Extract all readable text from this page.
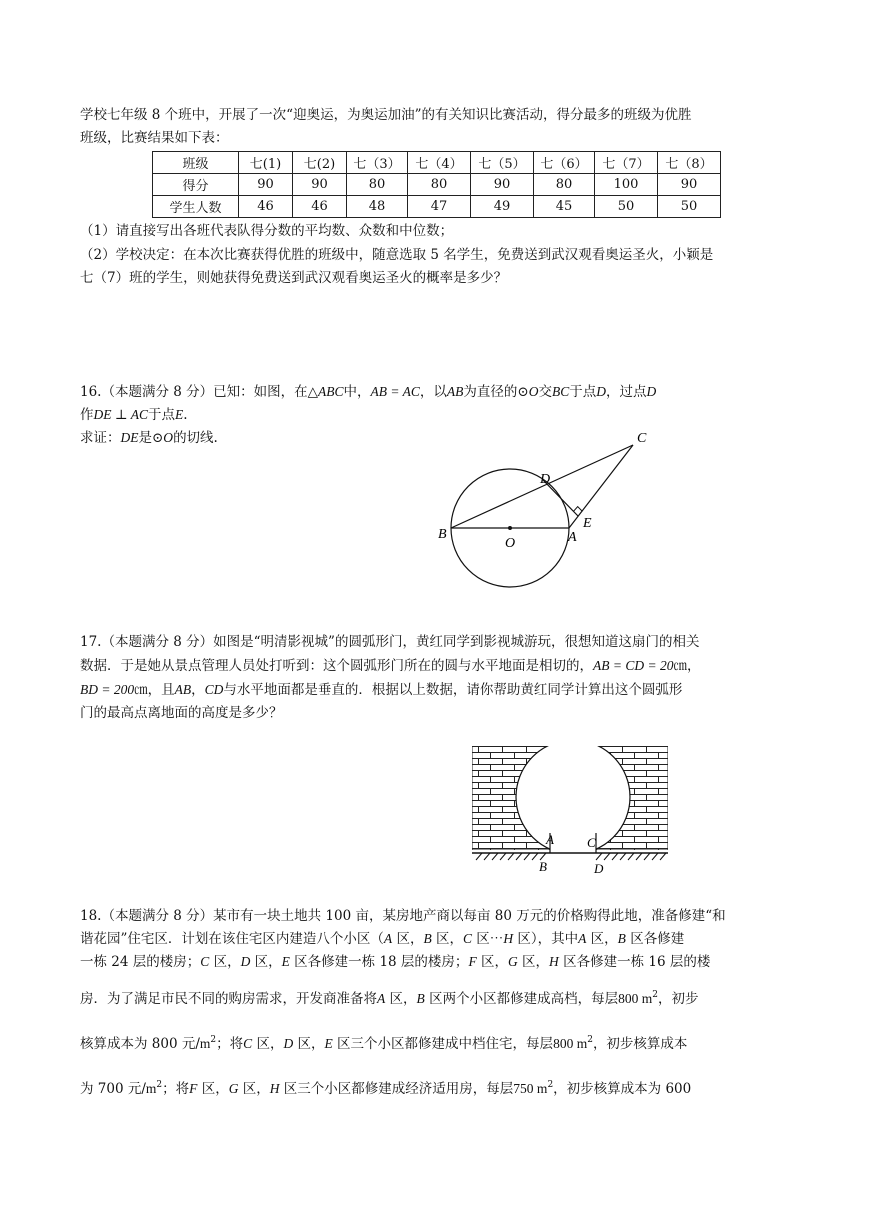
学校七年级 8 个班中，开展了一次“迎奥运，为奥运加油”的有关知识比赛活动，得分最多的班级为优胜
班级，比赛结果如下表：
班级	七(1)	七(2)	七（3）	七（4）	七（5）	七（6）	七（7）	七（8）
得分	90	90	80	80	90	80	100	90
学生人数	46	46	48	47	49	45	50	50
（1）请直接写出各班代表队得分数的平均数、众数和中位数；
（2）学校决定：在本次比赛获得优胜的班级中，随意选取 5 名学生，免费送到武汉观看奥运圣火，小颖是
七（7）班的学生，则她获得免费送到武汉观看奥运圣火的概率是多少？
16.（本题满分 8 分）已知：如图，在△ABC中，AB = AC，以AB为直径的⊙O交BC于点D，过点D
作DE ⊥ AC于点E.
求证：DE是⊙O的切线.
B
O	A
D
E
C
17.（本题满分 8 分）如图是“明清影视城”的圆弧形门，黄红同学到影视城游玩，很想知道这扇门的相关
数据．于是她从景点管理人员处打听到：这个圆弧形门所在的圆与水平地面是相切的，AB = CD = 20㎝，
BD = 200㎝，且AB，CD与水平地面都是垂直的．根据以上数据，请你帮助黄红同学计算出这个圆弧形
门的最高点离地面的高度是多少？
A	C
B	D
18.（本题满分 8 分）某市有一块土地共 100 亩，某房地产商以每亩 80 万元的价格购得此地，准备修建“和
谐花园”住宅区．计划在该住宅区内建造八个小区（A 区，B 区，C 区⋯H 区），其中A 区，B 区各修建
一栋 24 层的楼房；C 区，D 区，E 区各修建一栋 18 层的楼房；F 区，G 区，H 区各修建一栋 16 层的楼
房．为了满足市民不同的购房需求，开发商准备将A 区，B 区两个小区都修建成高档，每层800 $m^2$，初步
核算成本为 800 元$/m^2$；将C 区，D 区，E 区三个小区都修建成中档住宅，每层800 $m^2$，初步核算成本
为 700 元$/m^2$；将F 区，G 区，H 区三个小区都修建成经济适用房，每层750 $m^2$，初步核算成本为 600
